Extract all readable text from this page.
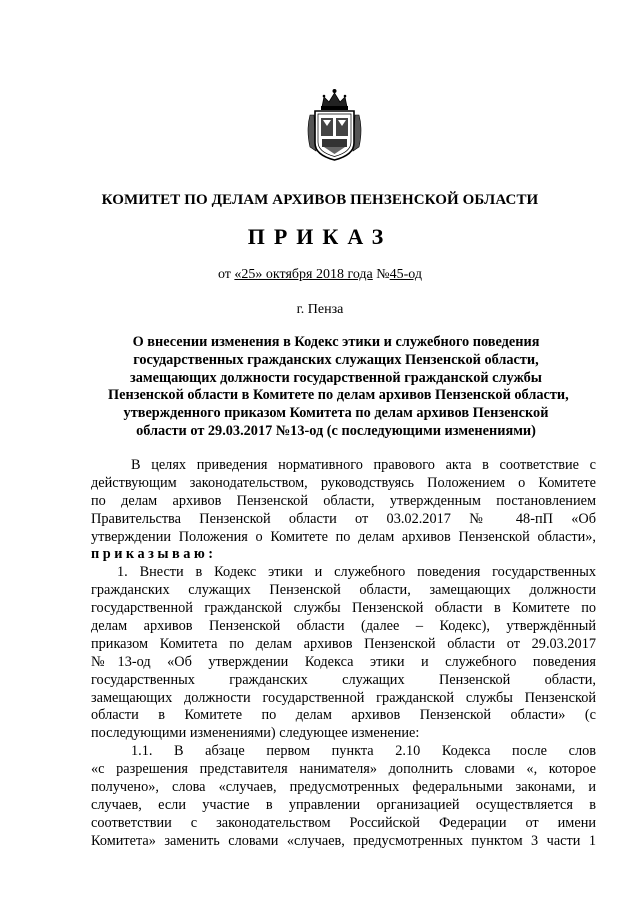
КОМИТЕТ ПО ДЕЛАМ АРХИВОВ ПЕНЗЕНСКОЙ ОБЛАСТИ
ПРИКАЗ
от «25» октября 2018 года №45-од
г. Пенза
О внесении изменения в Кодекс этики и служебного поведения
государственных гражданских служащих Пензенской области,
замещающих должности государственной гражданской службы
Пензенской области в Комитете по делам архивов Пензенской области,
утвержденного приказом Комитета по делам архивов Пензенской
области от 29.03.2017 №13-од (с последующими изменениями)
В целях приведения нормативного правового акта в соответствие с
действующим законодательством, руководствуясь Положением о Комитете
по делам архивов Пензенской области, утвержденным постановлением
Правительства Пензенской области от 03.02.2017 № 48-пП «Об
утверждении Положения о Комитете по делам архивов Пензенской области»,
приказываю:
1. Внести в Кодекс этики и служебного поведения государственных
гражданских служащих Пензенской области, замещающих должности
государственной гражданской службы Пензенской области в Комитете по
делам архивов Пензенской области (далее – Кодекс), утверждённый
приказом Комитета по делам архивов Пензенской области от 29.03.2017
№13-од «Об утверждении Кодекса этики и служебного поведения
государственных гражданских служащих Пензенской области,
замещающих должности государственной гражданской службы Пензенской
области в Комитете по делам архивов Пензенской области» (с
последующими изменениями) следующее изменение:
1.1. В абзаце первом пункта 2.10 Кодекса после слов
«с разрешения представителя нанимателя» дополнить словами «, которое
получено», слова «случаев, предусмотренных федеральными законами, и
случаев, если участие в управлении организацией осуществляется в
соответствии с законодательством Российской Федерации от имени
Комитета» заменить словами «случаев, предусмотренных пунктом 3 части 1
